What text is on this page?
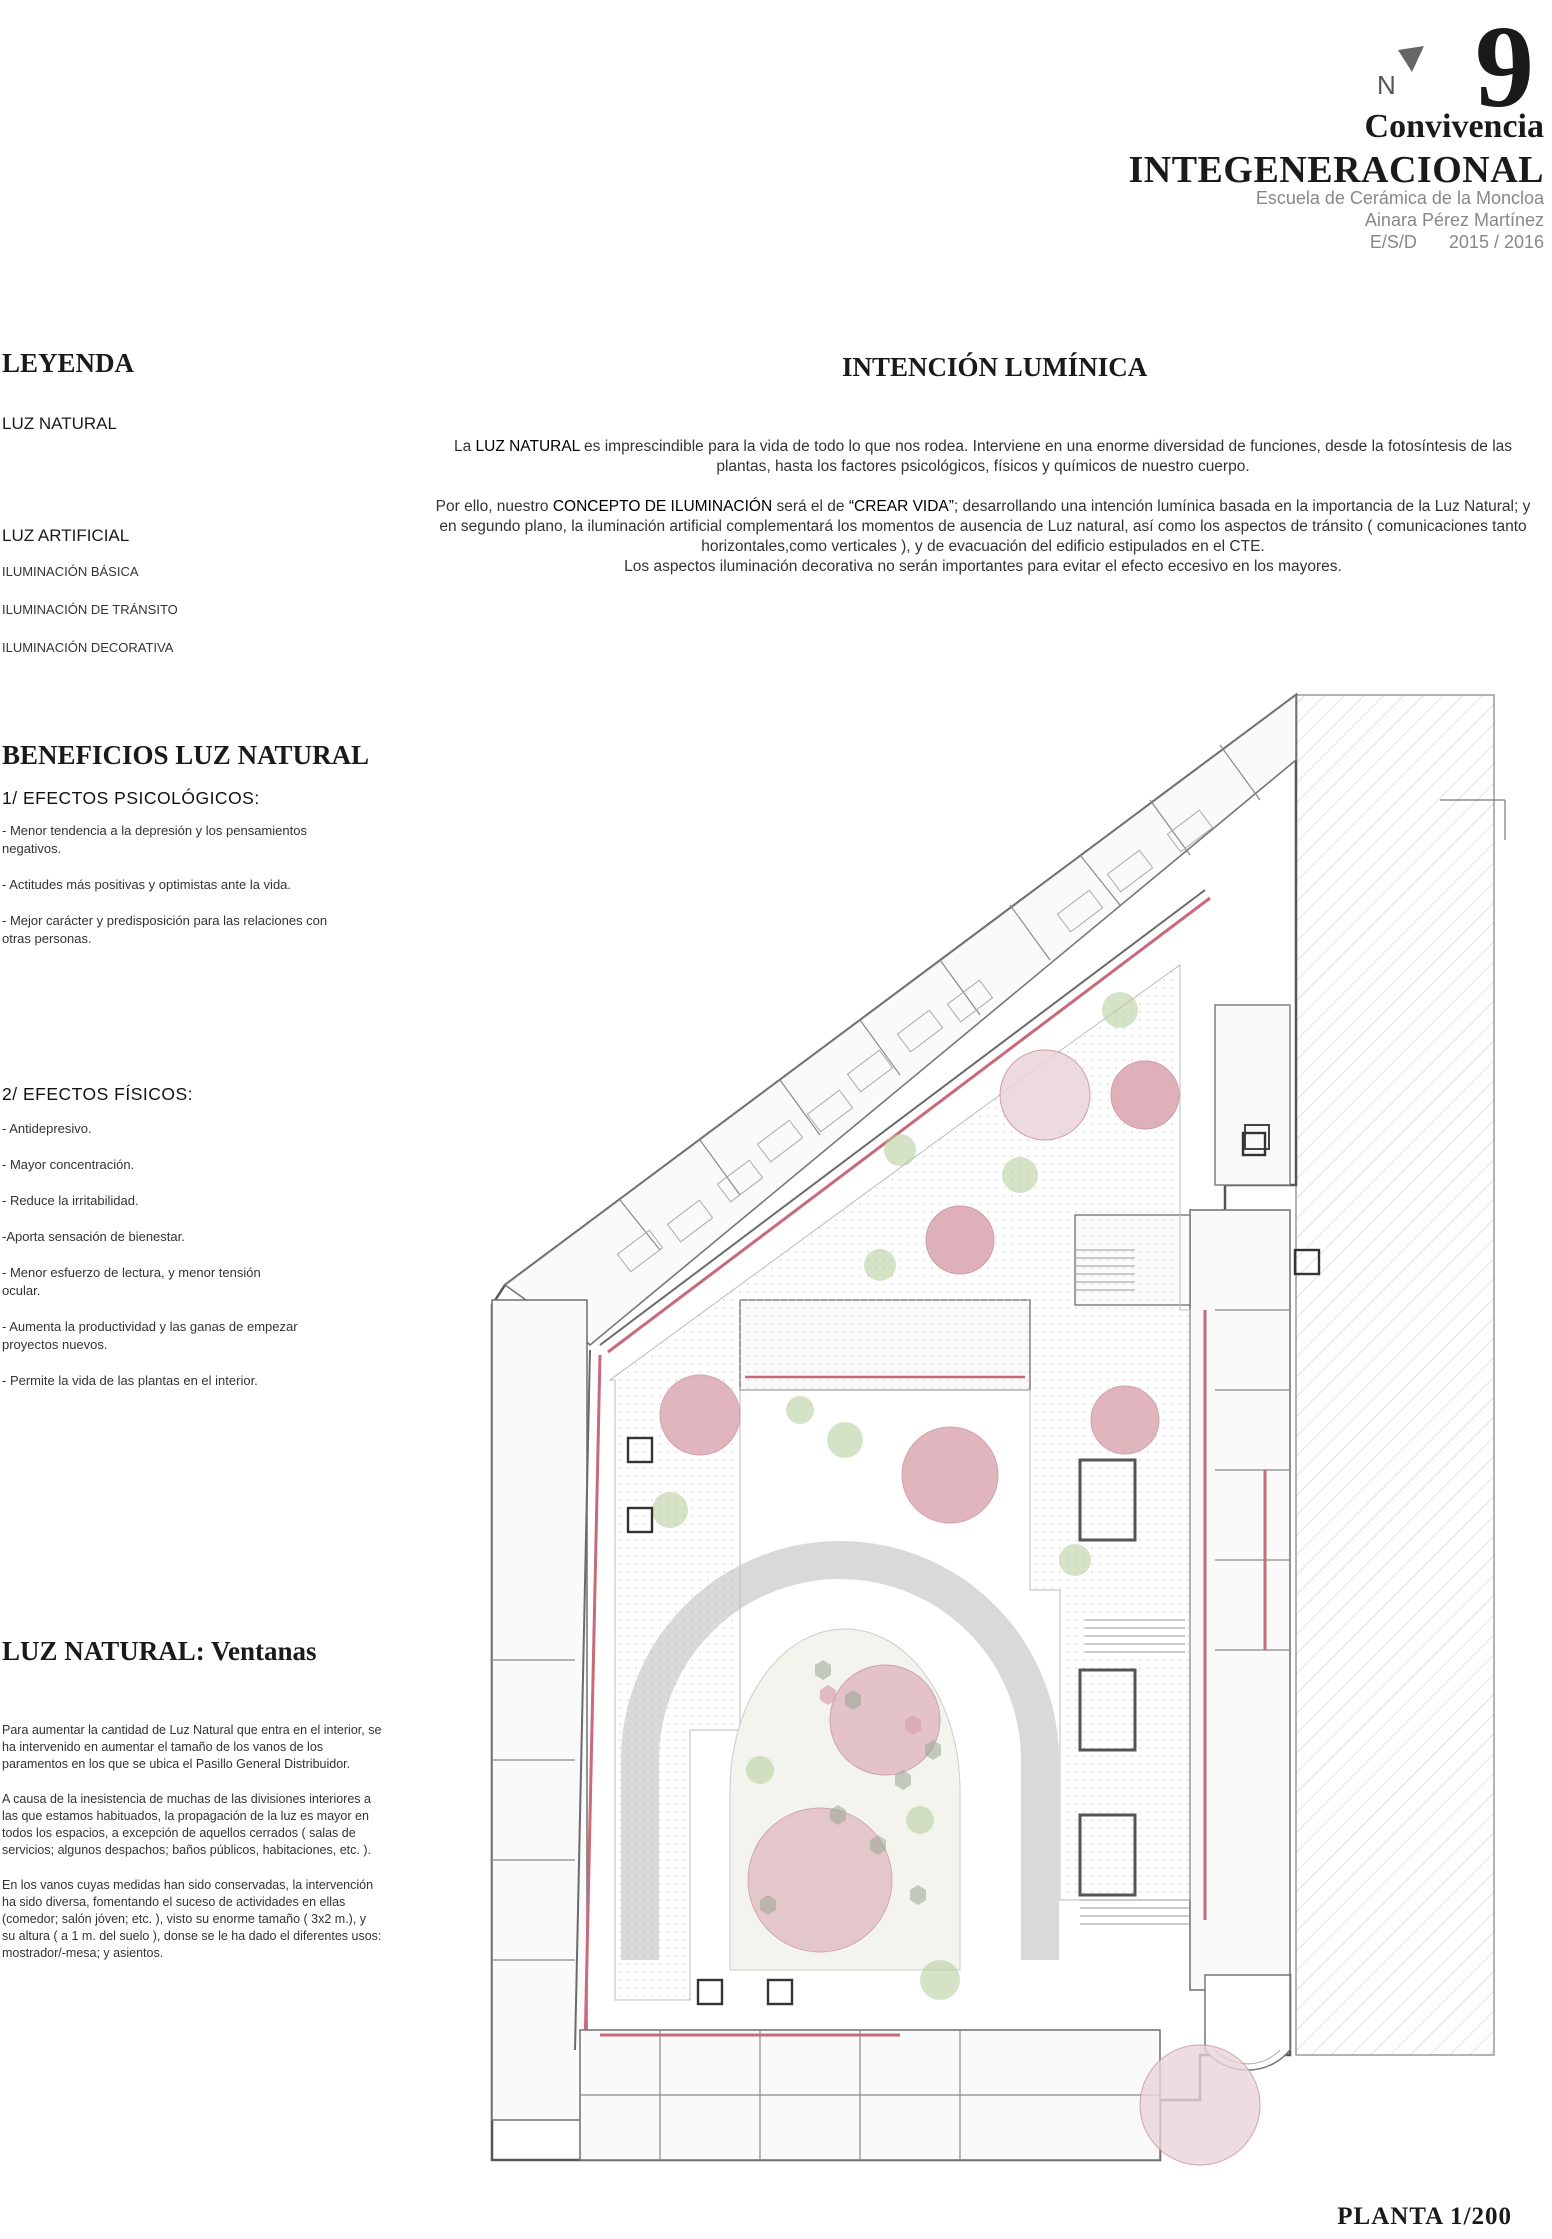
N 9
Convivencia
INTEGENERACIONAL
Escuela de Cerámica de la Moncloa
Ainara Pérez Martínez
E/S/D 2015 / 2016
LEYENDA
LUZ NATURAL
LUZ ARTIFICIAL
ILUMINACIÓN BÁSICA
ILUMINACIÓN DE TRÁNSITO
ILUMINACIÓN DECORATIVA
INTENCIÓN LUMÍNICA

La LUZ NATURAL es imprescindible para la vida de todo lo que nos rodea. Interviene en una enorme diversidad de funciones, desde la fotosíntesis de las plantas, hasta los factores psicológicos, físicos y químicos de nuestro cuerpo.

Por ello, nuestro CONCEPTO DE ILUMINACIÓN será el de “CREAR VIDA”; desarrollando una intención lumínica basada en la importancia de la Luz Natural; y en segundo plano, la iluminación artificial complementará los momentos de ausencia de Luz natural, así como los aspectos de tránsito ( comunicaciones tanto horizontales,como verticales ), y de evacuación del edificio estipulados en el CTE.

Los aspectos iluminación decorativa no serán importantes para evitar el efecto eccesivo en los mayores.

BENEFICIOS LUZ NATURAL
1/ EFECTOS PSICOLÓGICOS:
- Menor tendencia a la depresión y los pensamientos negativos.
- Actitudes más positivas y optimistas ante la vida.
- Mejor carácter y predisposición para las relaciones con otras personas.
2/ EFECTOS FÍSICOS:
- Antidepresivo.
- Mayor concentración.
- Reduce la irritabilidad.
-Aporta sensación de bienestar.
- Menor esfuerzo de lectura, y menor tensión ocular.
- Aumenta la productividad y las ganas de empezar proyectos nuevos.
- Permite la vida de las plantas en el interior.
LUZ NATURAL: Ventanas

Para aumentar la cantidad de Luz Natural que entra en el interior, se ha intervenido en aumentar el tamaño de los vanos de los paramentos en los que se ubica el Pasillo General Distribuidor.

A causa de la inesistencia de muchas de las divisiones interiores a las que estamos habituados, la propagación de la luz es mayor en todos los espacios, a excepción de aquellos cerrados ( salas de servicios; algunos despachos; baños públicos, habitaciones, etc. ).

En los vanos cuyas medidas han sido conservadas, la intervención ha sido diversa, fomentando el suceso de actividades en ellas (comedor; salón jóven; etc. ), visto su enorme tamaño ( 3x2 m.), y su altura ( a 1 m. del suelo ), donse se le ha dado el diferentes usos: mostrador/-mesa; y asientos.

PLANTA 1/200
